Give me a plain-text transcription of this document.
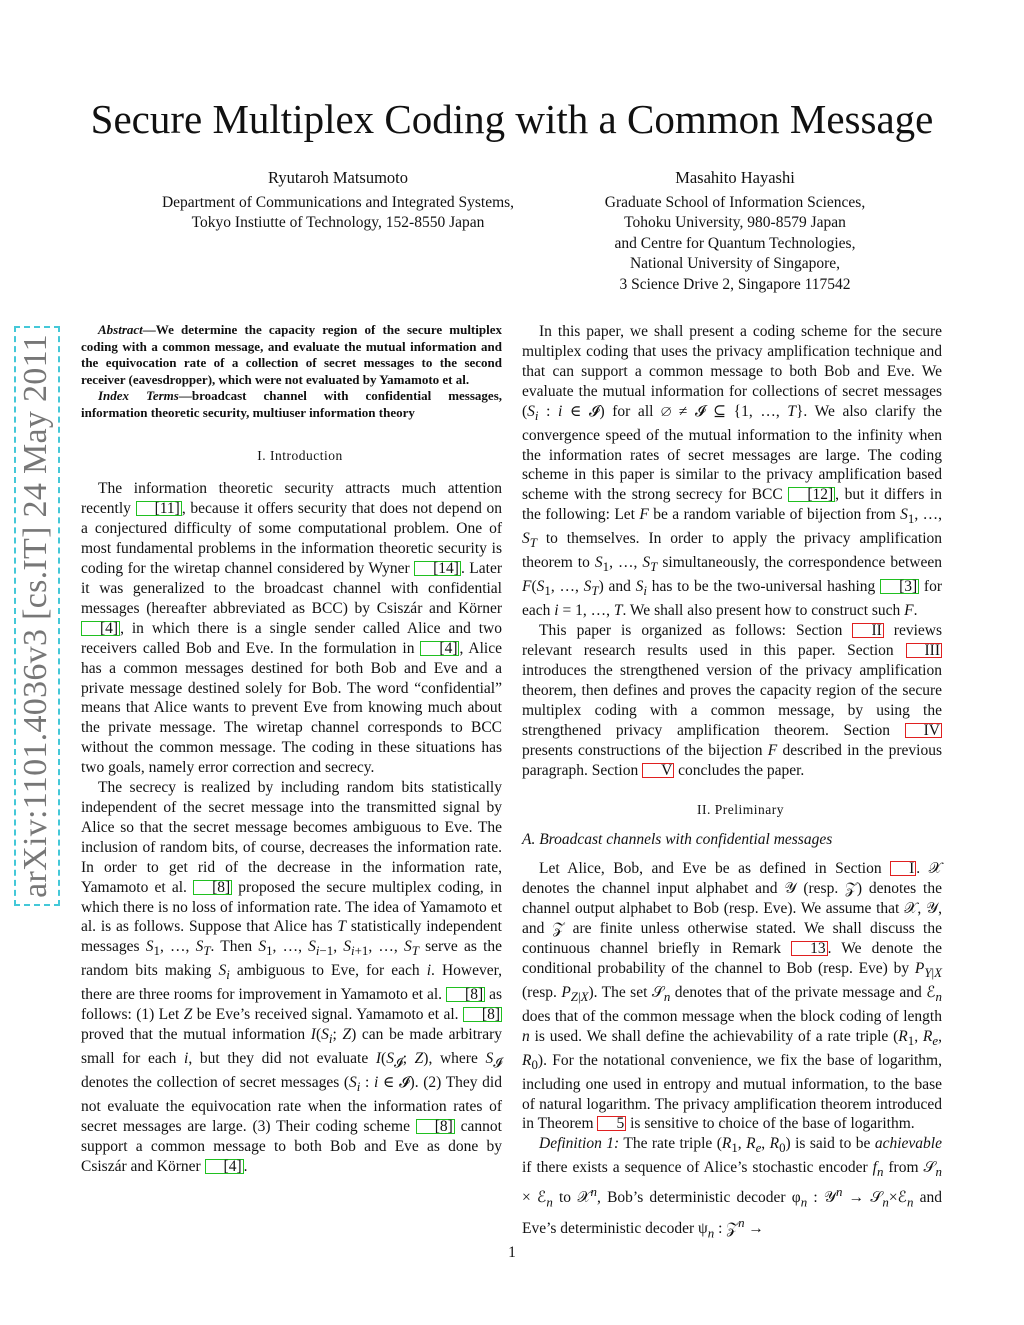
arXiv:1101.4036v3 [cs.IT] 24 May 2011
Secure Multiplex Coding with a Common Message
Ryutaroh Matsumoto
Department of Communications and Integrated Systems,
Tokyo Instiutte of Technology, 152-8550 Japan
Masahito Hayashi
Graduate School of Information Sciences,
Tohoku University, 980-8579 Japan
and Centre for Quantum Technologies,
National University of Singapore,
3 Science Drive 2, Singapore 117542

Abstract—We determine the capacity region of the secure multiplex coding with a common message, and evaluate the mutual information and the equivocation rate of a collection of secret messages to the second receiver (eavesdropper), which were not evaluated by Yamamoto et al.

Index Terms—broadcast channel with confidential messages, information theoretic security, multiuser information theory

I. Introduction

The information theoretic security attracts much attention recently [11] , because it offers security that does not depend on a conjectured difficulty of some computational problem. One of most fundamental problems in the information theoretic security is coding for the wiretap channel considered by Wyner [14] . Later it was generalized to the broadcast channel with confidential messages (hereafter abbreviated as BCC) by Csiszár and Körner [4] , in which there is a single sender called Alice and two receivers called Bob and Eve. In the formulation in [4] , Alice has a common messages destined for both Bob and Eve and a private message destined solely for Bob. The word “confidential” means that Alice wants to prevent Eve from knowing much about the private message. The wiretap channel corresponds to BCC without the common message. The coding in these situations has two goals, namely error correction and secrecy.

The secrecy is realized by including random bits statistically independent of the secret message into the transmitted signal by Alice so that the secret message becomes ambiguous to Eve. The inclusion of random bits, of course, decreases the information rate. In order to get rid of the decrease in the information rate, Yamamoto et al. [8] proposed the secure multiplex coding, in which there is no loss of information rate. The idea of Yamamoto et al. is as follows. Suppose that Alice has T statistically independent messages $S_1$, …, $S_T$. Then $S_1$, …, $S_{i-1}$, $S_{i+1}$, …, $S_T$ serve as the random bits making $S_i$ ambiguous to Eve, for each i. However, there are three rooms for improvement in Yamamoto et al. [8] as follows: (1) Let Z be Eve’s received signal. Yamamoto et al. [8] proved that the mutual information $I(S_i$; Z) can be made arbitrary small for each i, but they did not evaluate $I(S_𝓘$; Z), where $S_𝓘$ denotes the collection of secret messages ($S_i$ : i ∈ 𝓘). (2) They did not evaluate the equivocation rate when the information rates of secret messages are large. (3) Their coding scheme [8] cannot support a common message to both Bob and Eve as done by Csiszár and Körner [4] .

In this paper, we shall present a coding scheme for the secure multiplex coding that uses the privacy amplification technique and that can support a common message to both Bob and Eve. We evaluate the mutual information for collections of secret messages ($S_i$ : i ∈ 𝓘) for all ∅ ≠ 𝓘 ⊆ {1, …, T}. We also clarify the convergence speed of the mutual information to the infinity when the information rates of secret messages are large. The coding scheme in this paper is similar to the privacy amplification based scheme with the strong secrecy for BCC [12] , but it differs in the following: Let F be a random variable of bijection from $S_1$, …, $S_T$ to themselves. In order to apply the privacy amplification theorem to $S_1$, …, $S_T$ simultaneously, the correspondence between $F(S_1$, …, $S_T$) and $S_i$ has to be the two-universal hashing [3] for each i = 1, …, T. We shall also present how to construct such F.

This paper is organized as follows: Section II reviews relevant research results used in this paper. Section III introduces the strengthened version of the privacy amplification theorem, then defines and proves the capacity region of the secure multiplex coding with a common message, by using the strengthened privacy amplification theorem. Section IV presents constructions of the bijection F described in the previous paragraph. Section V concludes the paper.

II. Preliminary

A. Broadcast channels with confidential messages

Let Alice, Bob, and Eve be as defined in Section I . 𝒳 denotes the channel input alphabet and 𝒴 (resp. 𝒵) denotes the channel output alphabet to Bob (resp. Eve). We assume that 𝒳, 𝒴, and 𝒵 are finite unless otherwise stated. We shall discuss the continuous channel briefly in Remark 13 . We denote the conditional probability of the channel to Bob (resp. Eve) by $P_{Y|X}$ (resp. $P_{Z|X}$). The set 𝒮$_n$ denotes that of the private message and ℰ$_n$ does that of the common message when the block coding of length n is used. We shall define the achievability of a rate triple ($R_1$, $R_e$, $R_0$). For the notational convenience, we fix the base of logarithm, including one used in entropy and mutual information, to the base of natural logarithm. The privacy amplification theorem introduced in Theorem 5 is sensitive to choice of the base of logarithm.

Definition 1: The rate triple ($R_1$, $R_e$, $R_0$) is said to be achievable if there exists a sequence of Alice’s stochastic encoder $f_n$ from 𝒮$_n$ × ℰ$_n$ to 𝒳$^n$, Bob’s deterministic decoder $\varphi_n$ : 𝒴$^n$ → 𝒮$_n$×ℰ$_n$ and Eve’s deterministic decoder $\psi_n$ : 𝒵$^n$ →

1
